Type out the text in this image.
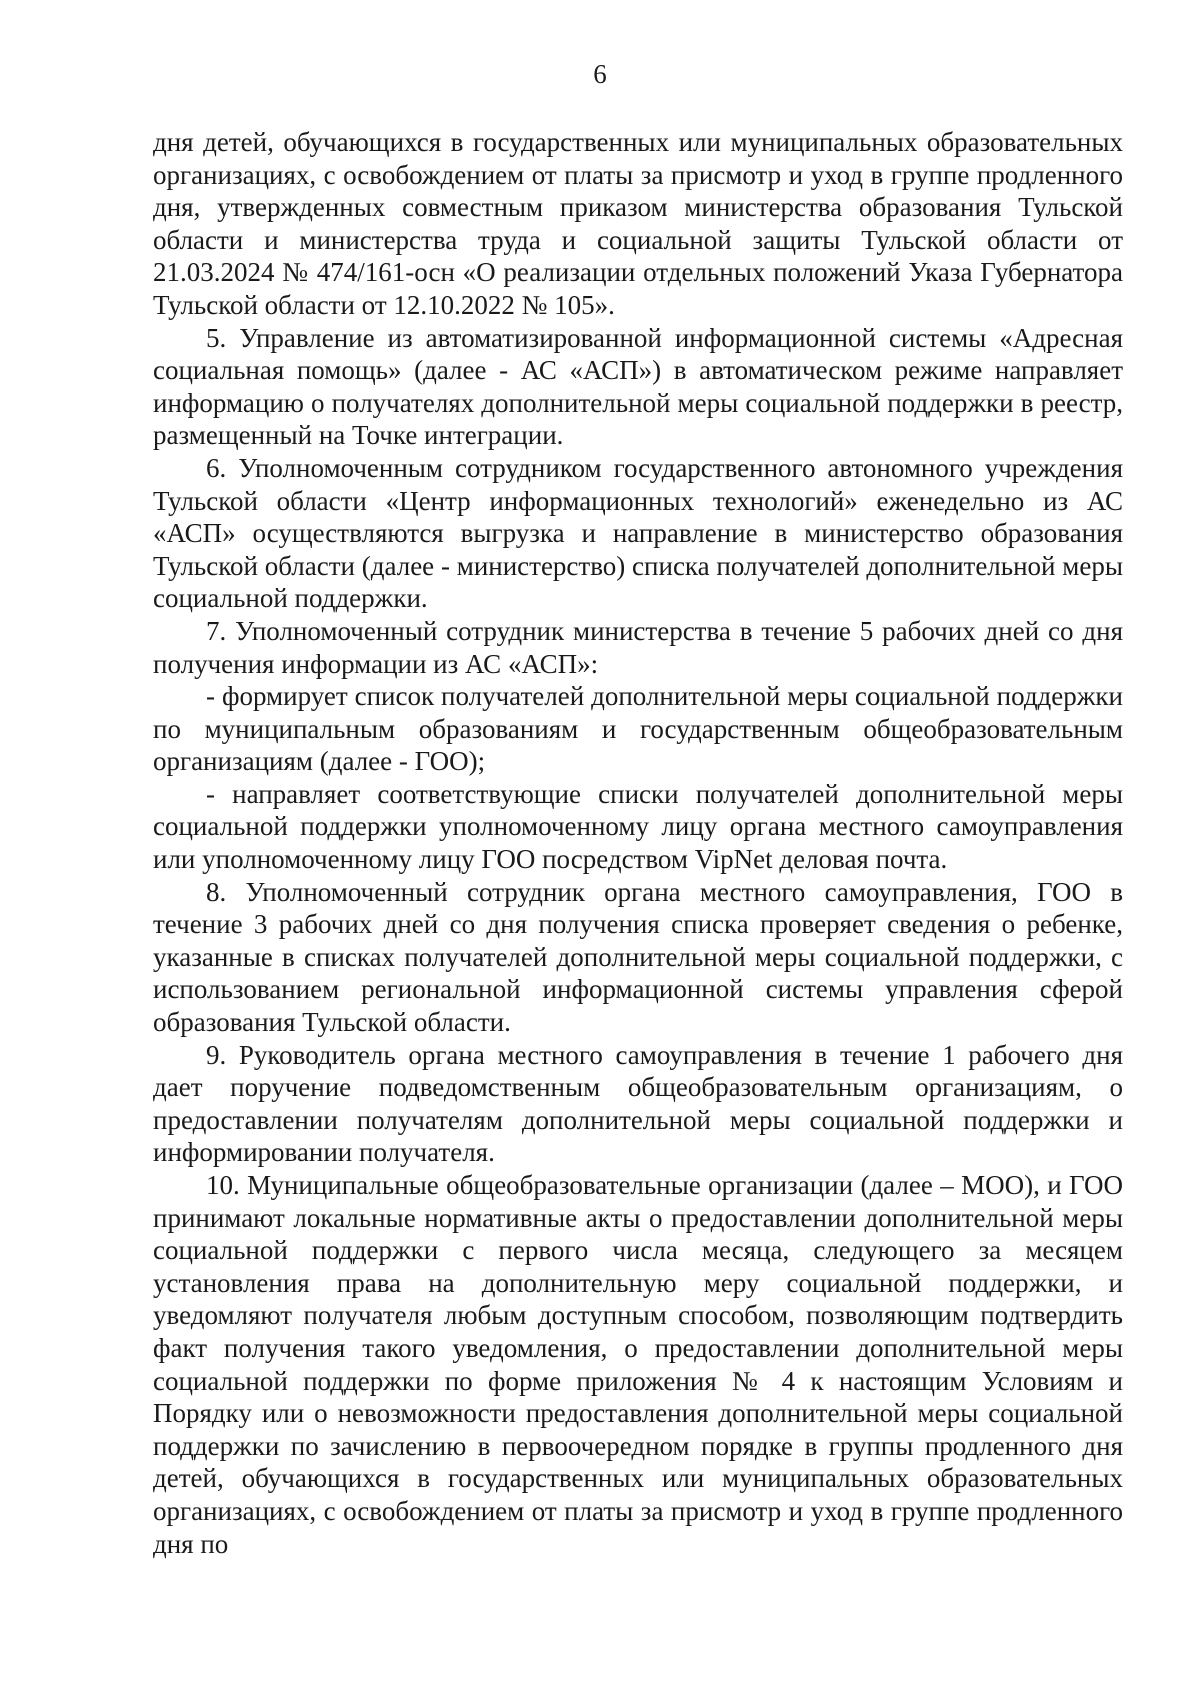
6

дня детей, обучающихся в государственных или муниципальных образовательных организациях, с освобождением от платы за присмотр и уход в группе продленного дня, утвержденных совместным приказом министерства образования Тульской области и министерства труда и социальной защиты Тульской области от 21.03.2024 № 474/161-осн «О реализации отдельных положений Указа Губернатора Тульской области от 12.10.2022 № 105».

5. Управление из автоматизированной информационной системы «Адресная социальная помощь» (далее - АС «АСП») в автоматическом режиме направляет информацию о получателях дополнительной меры социальной поддержки в реестр, размещенный на Точке интеграции.

6. Уполномоченным сотрудником государственного автономного учреждения Тульской области «Центр информационных технологий» еженедельно из АС «АСП» осуществляются выгрузка и направление в министерство образования Тульской области (далее - министерство) списка получателей дополнительной меры социальной поддержки.

7. Уполномоченный сотрудник министерства в течение 5 рабочих дней со дня получения информации из АС «АСП»:

- формирует список получателей дополнительной меры социальной поддержки по муниципальным образованиям и государственным общеобразовательным организациям (далее - ГОО);

- направляет соответствующие списки получателей дополнительной меры социальной поддержки уполномоченному лицу органа местного самоуправления или уполномоченному лицу ГОО посредством VipNet деловая почта.

8. Уполномоченный сотрудник органа местного самоуправления, ГОО в течение 3 рабочих дней со дня получения списка проверяет сведения о ребенке, указанные в списках получателей дополнительной меры социальной поддержки, с использованием региональной информационной системы управления сферой образования Тульской области.

9. Руководитель органа местного самоуправления в течение 1 рабочего дня дает поручение подведомственным общеобразовательным организациям, о предоставлении получателям дополнительной меры социальной поддержки и информировании получателя.

10. Муниципальные общеобразовательные организации (далее – МОО), и ГОО принимают локальные нормативные акты о предоставлении дополнительной меры социальной поддержки с первого числа месяца, следующего за месяцем установления права на дополнительную меру социальной поддержки, и уведомляют получателя любым доступным способом, позволяющим подтвердить факт получения такого уведомления, о предоставлении дополнительной меры социальной поддержки по форме приложения № 4 к настоящим Условиям и Порядку или о невозможности предоставления дополнительной меры социальной поддержки по зачислению в первоочередном порядке в группы продленного дня детей, обучающихся в государственных или муниципальных образовательных организациях, с освобождением от платы за присмотр и уход в группе продленного дня по
